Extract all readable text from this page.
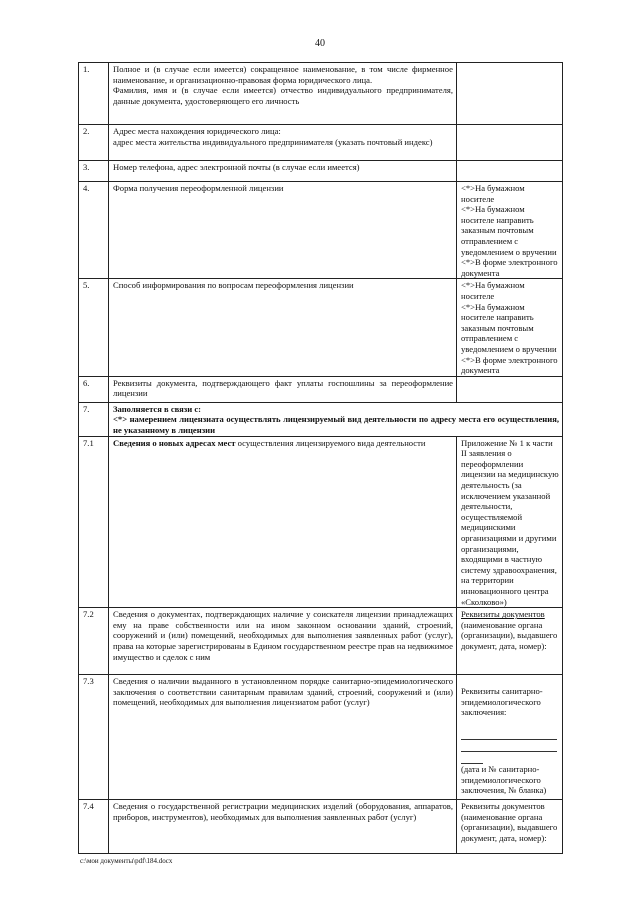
40
1.	Полное и (в случае если имеется) сокращенное наименование, в том числе фирменное наименование, и организационно-правовая форма юридического лица.
Фамилия, имя и (в случае если имеется) отчество индивидуального предпринимателя, данные документа, удостоверяющего его личность	

2.	Адрес места нахождения юридического лица:
адрес места жительства индивидуального предпринимателя (указать почтовый индекс)	

3.	Номер телефона, адрес электронной почты (в случае если имеется)	
4.	Форма получения переоформленной лицензии	<*>На бумажном носителе
<*>На бумажном носителе направить заказным почтовым отправлением с уведомлением о вручении
<*>В форме электронного документа

5.	Способ информирования по вопросам переоформления лицензии	<*>На бумажном носителе
<*>На бумажном носителе направить заказным почтовым отправлением с уведомлением о вручении
<*>В форме электронного документа

6.	Реквизиты документа, подтверждающего факт уплаты госпошлины за переоформление лицензии	
7.	Заполняется в связи с:
<*> намерением лицензиата осуществлять лицензируемый вид деятельности по адресу места его осуществления, не указанному в лицензии	

7.1	Сведения о новых адресах мест осуществления лицензируемого вида деятельности	Приложение № 1 к части II заявления о переоформлении лицензии на медицинскую деятельность (за исключением указанной деятельности, осуществляемой медицинскими организациями и другими организациями, входящими в частную систему здравоохранения, на территории инновационного центра «Сколково»)
7.2	Сведения о документах, подтверждающих наличие у соискателя лицензии принадлежащих ему на праве собственности или на ином законном основании зданий, строений, сооружений и (или) помещений, необходимых для выполнения заявленных работ (услуг), права на которые зарегистрированы в Едином государственном реестре прав на недвижимое имущество и сделок с ним	Реквизиты документов
(наименование органа (организации), выдавшего документ, дата, номер):

7.3	Сведения о наличии выданного в установленном порядке санитарно-эпидемиологического заключения о соответствии санитарным правилам зданий, строений, сооружений и (или) помещений, необходимых для выполнения лицензиатом работ (услуг)	Реквизиты санитарно-эпидемиологического заключения:
(дата и № санитарно-эпидемиологического заключения, № бланка)

7.4	Сведения о государственной регистрации медицинских изделий (оборудования, аппаратов, приборов, инструментов), необходимых для выполнения заявленных работ (услуг)	Реквизиты документов (наименование органа (организации), выдавшего документ, дата, номер):
c:\мои документы\pdf\184.docx
